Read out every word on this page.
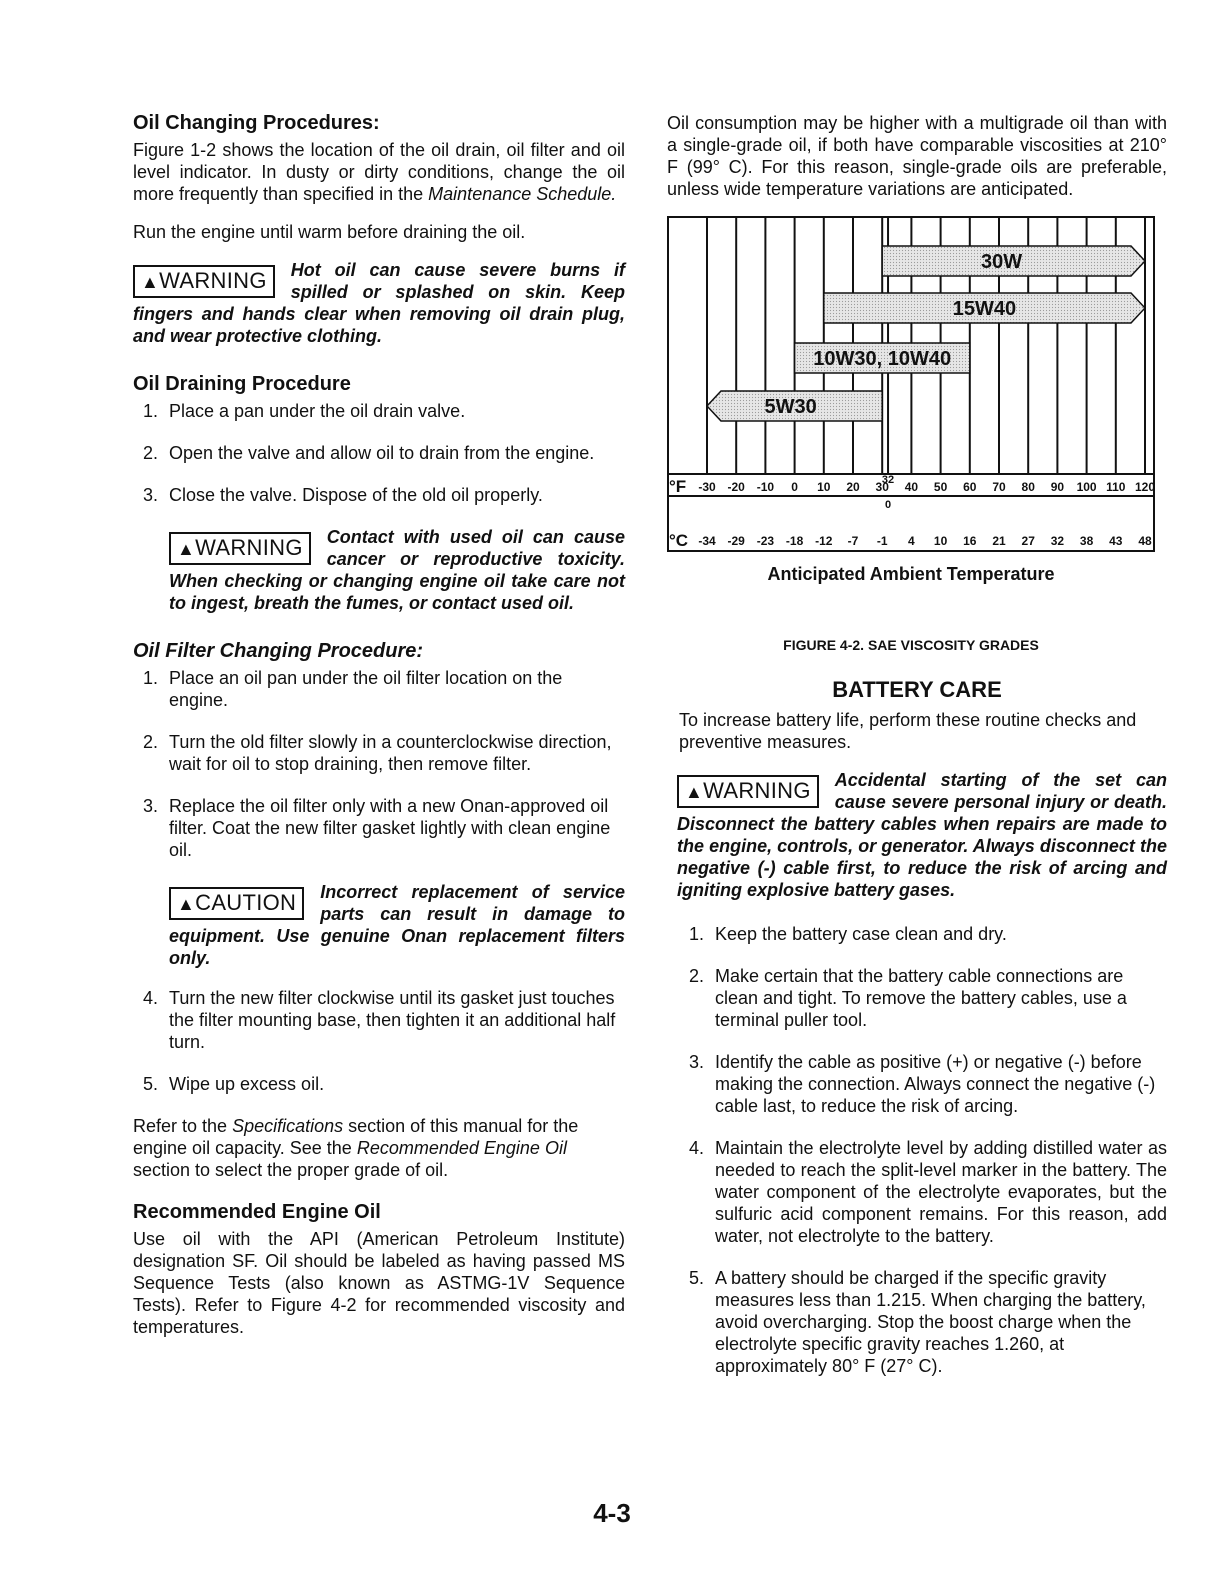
Oil Changing Procedures:

Figure 1-2 shows the location of the oil drain, oil filter and oil level indicator. In dusty or dirty conditions, change the oil more frequently than specified in the Maintenance Schedule.

Run the engine until warm before draining the oil.

▲WARNING	Hot oil can cause severe burns if spilled or splashed on skin. Keep fingers and hands clear when removing oil drain plug, and wear protective clothing.
Oil Draining Procedure
1. Place a pan under the oil drain valve.
2. Open the valve and allow oil to drain from the engine.
3. Close the valve. Dispose of the old oil properly.
▲WARNING	Contact with used oil can cause cancer or reproductive toxicity. When checking or changing engine oil take care not to ingest, breath the fumes, or contact used oil.
Oil Filter Changing Procedure:
1. Place an oil pan under the oil filter location on the engine.
2. Turn the old filter slowly in a counterclockwise direction, wait for oil to stop draining, then remove filter.
3. Replace the oil filter only with a new Onan-approved oil filter. Coat the new filter gasket lightly with clean engine oil.
▲CAUTION	Incorrect replacement of service parts can result in damage to equipment. Use genuine Onan replacement filters only.
4. Turn the new filter clockwise until its gasket just touches the filter mounting base, then tighten it an additional half turn.
5. Wipe up excess oil.

Refer to the Specifications section of this manual for the engine oil capacity. See the Recommended Engine Oil section to select the proper grade of oil.

Recommended Engine Oil

Use oil with the API (American Petroleum Institute) designation SF. Oil should be labeled as having passed MS Sequence Tests (also known as ASTMG-1V Sequence Tests). Refer to Figure 4-2 for recommended viscosity and temperatures.

Oil consumption may be higher with a multigrade oil than with a single-grade oil, if both have comparable viscosities at 210° F (99° C). For this reason, single-grade oils are preferable, unless wide temperature variations are anticipated.

30W
15W40
10W30, 10W40
5W30
°F -30 -20 -10 0 10 20 30 40 50 60 70 80 90 100 110 120
32
°C -34 -29 -23 -18 -12 -7 -1 4 10 16 21 27 32 38 43 48
0
Anticipated Ambient Temperature
FIGURE 4-2. SAE VISCOSITY GRADES
BATTERY CARE

To increase battery life, perform these routine checks and preventive measures.

▲WARNING	Accidental starting of the set can cause severe personal injury or death. Disconnect the battery cables when repairs are made to the engine, controls, or generator. Always disconnect the negative (-) cable first, to reduce the risk of arcing and igniting explosive battery gases.
1. Keep the battery case clean and dry.
2. Make certain that the battery cable connections are clean and tight. To remove the battery cables, use a terminal puller tool.
3. Identify the cable as positive (+) or negative (-) before making the connection. Always connect the negative (-) cable last, to reduce the risk of arcing.
4. Maintain the electrolyte level by adding distilled water as needed to reach the split-level marker in the battery. The water component of the electrolyte evaporates, but the sulfuric acid component remains. For this reason, add water, not electrolyte to the battery.
5. A battery should be charged if the specific gravity measures less than 1.215. When charging the battery, avoid overcharging. Stop the boost charge when the electrolyte specific gravity reaches 1.260, at approximately 80° F (27° C).
4-3
